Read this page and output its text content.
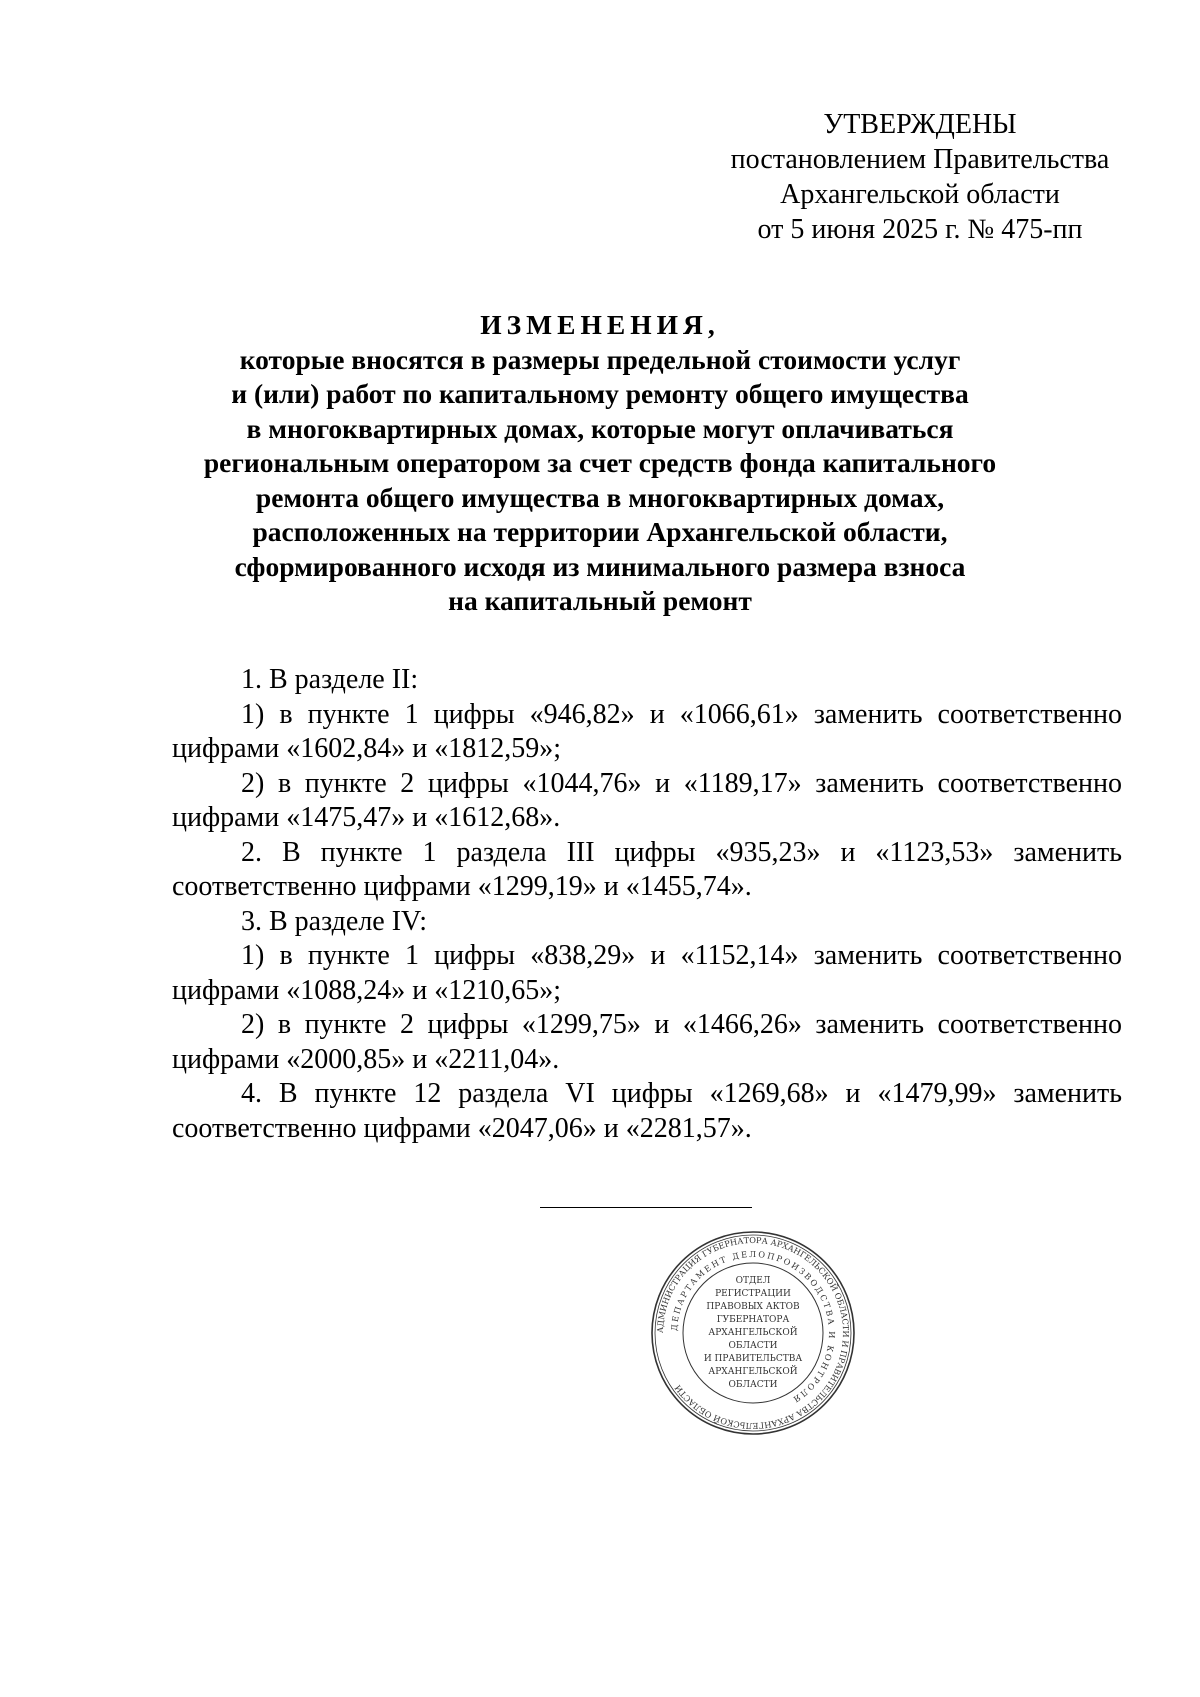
УТВЕРЖДЕНЫ
постановлением Правительства
Архангельской области
от 5 июня 2025 г. № 475-пп
ИЗМЕНЕНИЯ,
которые вносятся в размеры предельной стоимости услуг
и (или) работ по капитальному ремонту общего имущества
в многоквартирных домах, которые могут оплачиваться
региональным оператором за счет средств фонда капитального
ремонта общего имущества в многоквартирных домах,
расположенных на территории Архангельской области,
сформированного исходя из минимального размера взноса
на капитальный ремонт

1. В разделе II:

1) в пункте 1 цифры «946,82» и «1066,61» заменить соответственно цифрами «1602,84» и «1812,59»;

2) в пункте 2 цифры «1044,76» и «1189,17» заменить соответственно цифрами «1475,47» и «1612,68».

2. В пункте 1 раздела III цифры «935,23» и «1123,53» заменить соответственно цифрами «1299,19» и «1455,74».

3. В разделе IV:

1) в пункте 1 цифры «838,29» и «1152,14» заменить соответственно цифрами «1088,24» и «1210,65»;

2) в пункте 2 цифры «1299,75» и «1466,26» заменить соответственно цифрами «2000,85» и «2211,04».

4. В пункте 12 раздела VI цифры «1269,68» и «1479,99» заменить соответственно цифрами «2047,06» и «2281,57».

АДМИНИСТРАЦИЯ ГУБЕРНАТОРА АРХАНГЕЛЬСКОЙ ОБЛАСТИ И ПРАВИТЕЛЬСТВА АРХАНГЕЛЬСКОЙ ОБЛАСТИ
ДЕПАРТАМЕНТ ДЕЛОПРОИЗВОДСТВА И КОНТРОЛЯ
ОТДЕЛ
РЕГИСТРАЦИИ
ПРАВОВЫХ АКТОВ
ГУБЕРНАТОРА
АРХАНГЕЛЬСКОЙ
ОБЛАСТИ
И ПРАВИТЕЛЬСТВА
АРХАНГЕЛЬСКОЙ
ОБЛАСТИ
